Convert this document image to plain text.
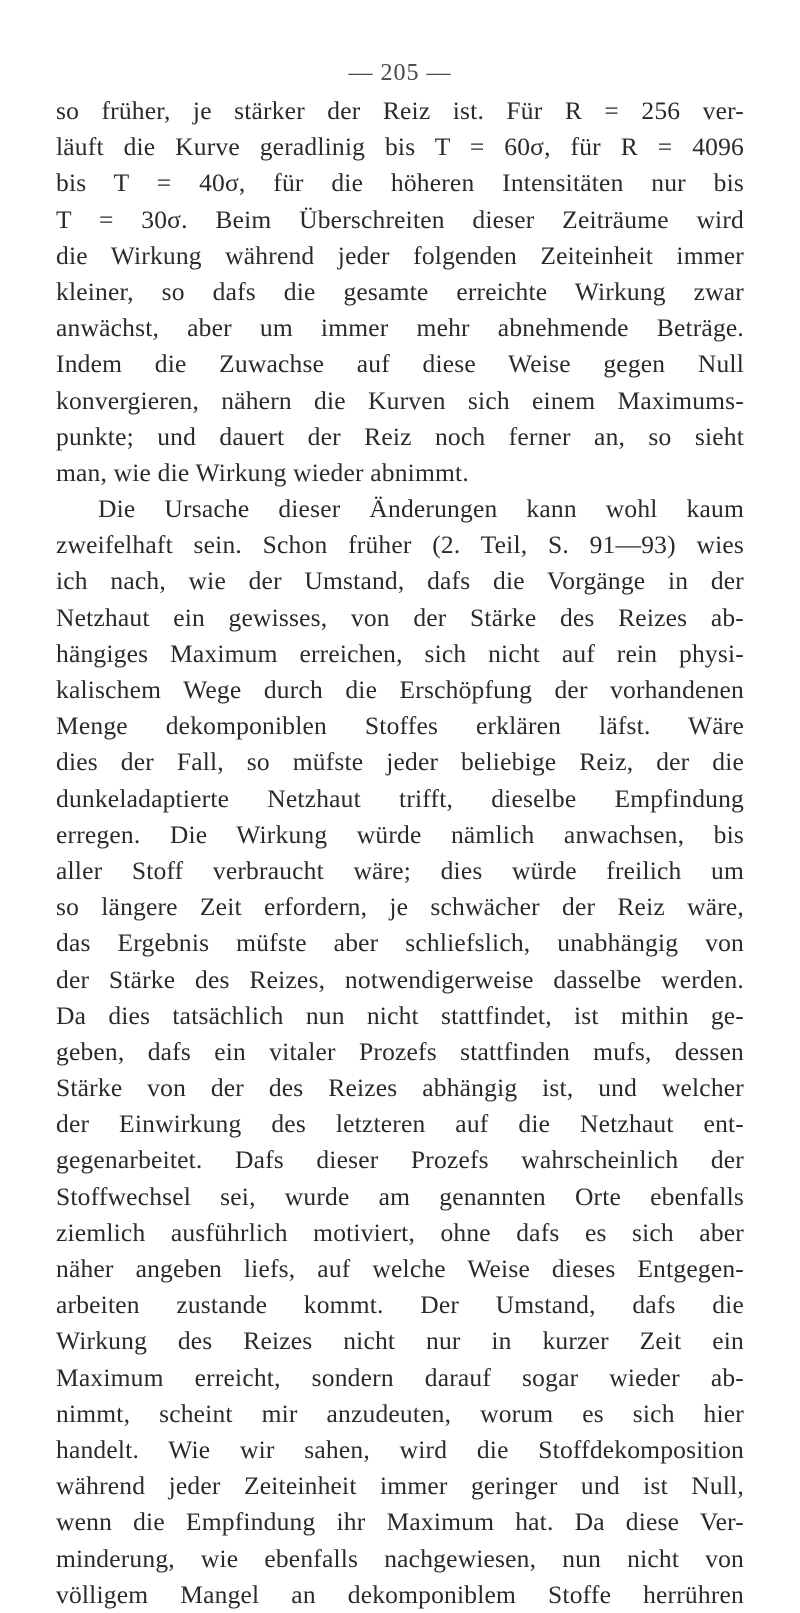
— 205 —
so früher, je stärker der Reiz ist. Für R = 256 ver-
läuft die Kurve geradlinig bis T = 60σ, für R = 4096
bis T = 40σ, für die höheren Intensitäten nur bis
T = 30σ. Beim Überschreiten dieser Zeiträume wird
die Wirkung während jeder folgenden Zeiteinheit immer
kleiner, so dafs die gesamte erreichte Wirkung zwar
anwächst, aber um immer mehr abnehmende Beträge.
Indem die Zuwachse auf diese Weise gegen Null
konvergieren, nähern die Kurven sich einem Maximums-
punkte; und dauert der Reiz noch ferner an, so sieht
man, wie die Wirkung wieder abnimmt.
Die Ursache dieser Änderungen kann wohl kaum
zweifelhaft sein. Schon früher (2. Teil, S. 91—93) wies
ich nach, wie der Umstand, dafs die Vorgänge in der
Netzhaut ein gewisses, von der Stärke des Reizes ab-
hängiges Maximum erreichen, sich nicht auf rein physi-
kalischem Wege durch die Erschöpfung der vorhandenen
Menge dekomponiblen Stoffes erklären läfst. Wäre
dies der Fall, so müfste jeder beliebige Reiz, der die
dunkeladaptierte Netzhaut trifft, dieselbe Empfindung
erregen. Die Wirkung würde nämlich anwachsen, bis
aller Stoff verbraucht wäre; dies würde freilich um
so längere Zeit erfordern, je schwächer der Reiz wäre,
das Ergebnis müfste aber schliefslich, unabhängig von
der Stärke des Reizes, notwendigerweise dasselbe werden.
Da dies tatsächlich nun nicht stattfindet, ist mithin ge-
geben, dafs ein vitaler Prozefs stattfinden mufs, dessen
Stärke von der des Reizes abhängig ist, und welcher
der Einwirkung des letzteren auf die Netzhaut ent-
gegenarbeitet. Dafs dieser Prozefs wahrscheinlich der
Stoffwechsel sei, wurde am genannten Orte ebenfalls
ziemlich ausführlich motiviert, ohne dafs es sich aber
näher angeben liefs, auf welche Weise dieses Entgegen-
arbeiten zustande kommt. Der Umstand, dafs die
Wirkung des Reizes nicht nur in kurzer Zeit ein
Maximum erreicht, sondern darauf sogar wieder ab-
nimmt, scheint mir anzudeuten, worum es sich hier
handelt. Wie wir sahen, wird die Stoffdekomposition
während jeder Zeiteinheit immer geringer und ist Null,
wenn die Empfindung ihr Maximum hat. Da diese Ver-
minderung, wie ebenfalls nachgewiesen, nun nicht von
völligem Mangel an dekomponiblem Stoffe herrühren
